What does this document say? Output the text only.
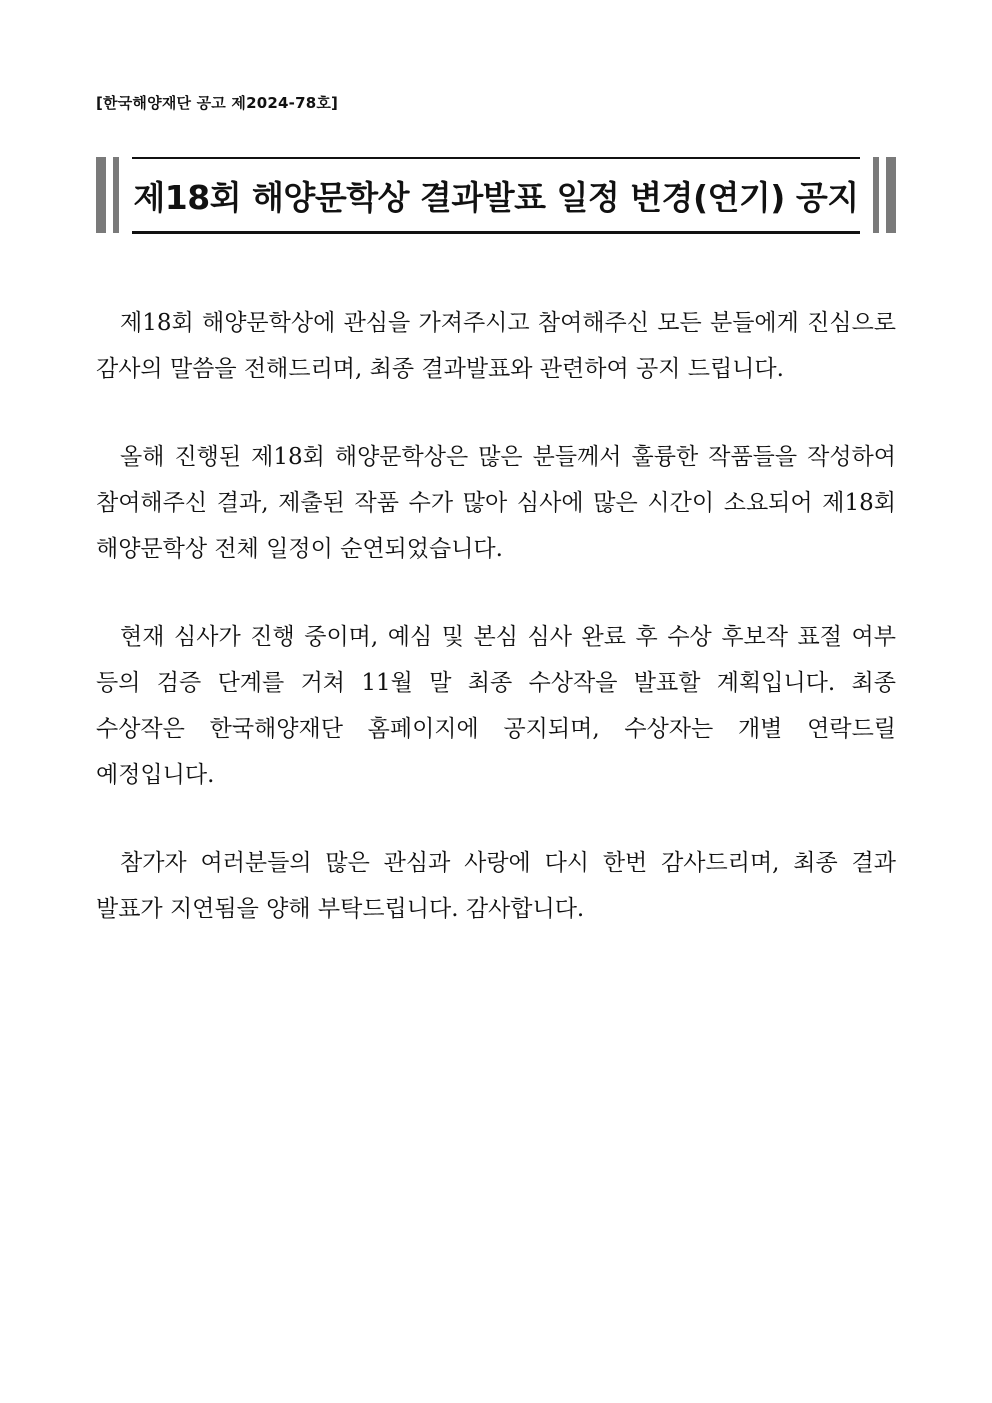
[한국해양재단 공고 제2024-78호]
제18회 해양문학상 결과발표 일정 변경(연기) 공지

제18회 해양문학상에 관심을 가져주시고 참여해주신 모든 분들에게 진심으로 감사의 말씀을 전해드리며, 최종 결과발표와 관련하여 공지 드립니다.

올해 진행된 제18회 해양문학상은 많은 분들께서 훌륭한 작품들을 작성하여 참여해주신 결과, 제출된 작품 수가 많아 심사에 많은 시간이 소요되어 제18회 해양문학상 전체 일정이 순연되었습니다.

현재 심사가 진행 중이며, 예심 및 본심 심사 완료 후 수상 후보작 표절 여부 등의 검증 단계를 거쳐 11월 말 최종 수상작을 발표할 계획입니다. 최종 수상작은 한국해양재단 홈페이지에 공지되며, 수상자는 개별 연락드릴 예정입니다.

참가자 여러분들의 많은 관심과 사랑에 다시 한번 감사드리며, 최종 결과 발표가 지연됨을 양해 부탁드립니다. 감사합니다.
